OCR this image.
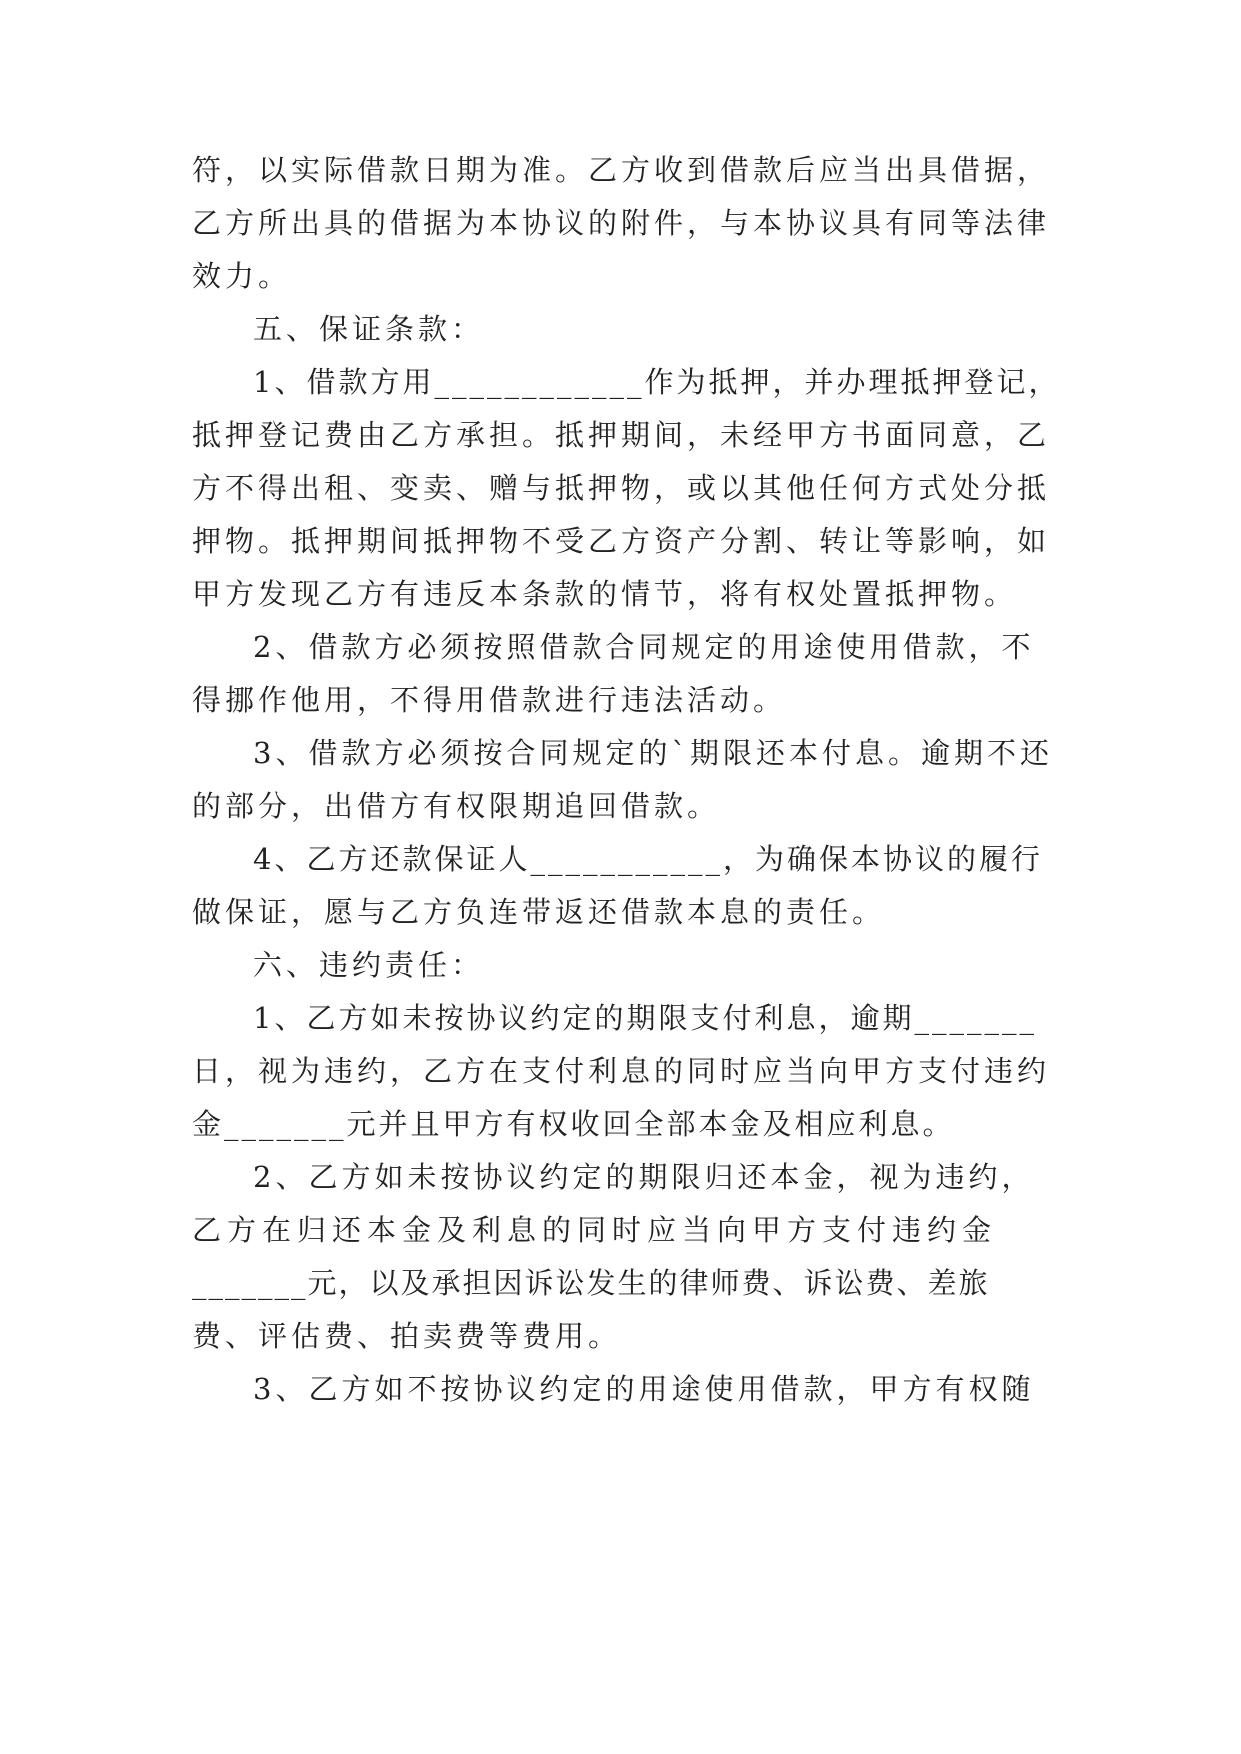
符，以实际借款日期为准。乙方收到借款后应当出具借据，
乙方所出具的借据为本协议的附件，与本协议具有同等法律
效力。
五、保证条款：
1、借款方用____________作为抵押，并办理抵押登记，
抵押登记费由乙方承担。抵押期间，未经甲方书面同意，乙
方不得出租、变卖、赠与抵押物，或以其他任何方式处分抵
押物。抵押期间抵押物不受乙方资产分割、转让等影响，如
甲方发现乙方有违反本条款的情节，将有权处置抵押物。
2、借款方必须按照借款合同规定的用途使用借款，不
得挪作他用，不得用借款进行违法活动。
3、借款方必须按合同规定的`期限还本付息。逾期不还
的部分，出借方有权限期追回借款。
4、乙方还款保证人___________，为确保本协议的履行
做保证，愿与乙方负连带返还借款本息的责任。
六、违约责任：
1、乙方如未按协议约定的期限支付利息，逾期_______
日，视为违约，乙方在支付利息的同时应当向甲方支付违约
金_______元并且甲方有权收回全部本金及相应利息。
2、乙方如未按协议约定的期限归还本金，视为违约，
乙方在归还本金及利息的同时应当向甲方支付违约金
_______元，以及承担因诉讼发生的律师费、诉讼费、差旅
费、评估费、拍卖费等费用。
3、乙方如不按协议约定的用途使用借款，甲方有权随
